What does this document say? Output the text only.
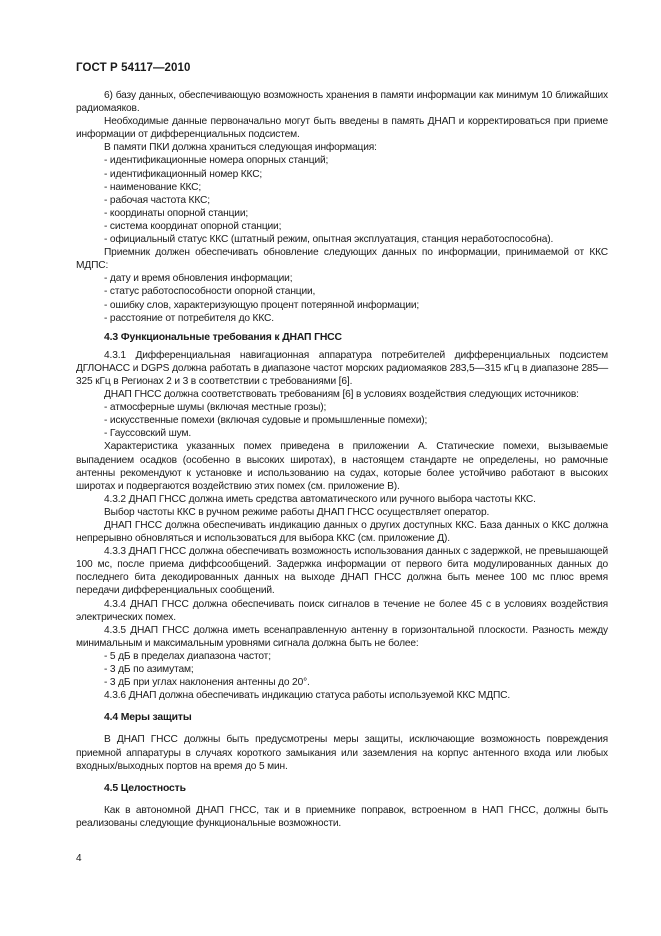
ГОСТ Р 54117—2010
6) базу данных, обеспечивающую возможность хранения в памяти информации как минимум 10 ближайших радиомаяков.
Необходимые данные первоначально могут быть введены в память ДНАП и корректироваться при приеме информации от дифференциальных подсистем.
В памяти ПКИ должна храниться следующая информация:
- идентификационные номера опорных станций;
- идентификационный номер ККС;
- наименование ККС;
- рабочая частота ККС;
- координаты опорной станции;
- система координат опорной станции;
- официальный статус ККС (штатный режим, опытная эксплуатация, станция неработоспособна).
Приемник должен обеспечивать обновление следующих данных по информации, принимаемой от ККС МДПС:
- дату и время обновления информации;
- статус работоспособности опорной станции,
- ошибку слов, характеризующую процент потерянной информации;
- расстояние от потребителя до ККС.
4.3 Функциональные требования к ДНАП ГНСС
4.3.1 Дифференциальная навигационная аппаратура потребителей дифференциальных подсистем ДГЛОНАСС и DGPS должна работать в диапазоне частот морских радиомаяков 283,5—315 кГц в диапазоне 285—325 кГц в Регионах 2 и 3 в соответствии с требованиями [6].
ДНАП ГНСС должна соответствовать требованиям [6] в условиях воздействия следующих источников:
- атмосферные шумы (включая местные грозы);
- искусственные помехи (включая судовые и промышленные помехи);
- Гауссовский шум.
Характеристика указанных помех приведена в приложении А. Статические помехи, вызываемые выпадением осадков (особенно в высоких широтах), в настоящем стандарте не определены, но рамочные антенны рекомендуют к установке и использованию на судах, которые более устойчиво работают в высоких широтах и подвергаются воздействию этих помех (см. приложение В).
4.3.2 ДНАП ГНСС должна иметь средства автоматического или ручного выбора частоты ККС.
Выбор частоты ККС в ручном режиме работы ДНАП ГНСС осуществляет оператор.
ДНАП ГНСС должна обеспечивать индикацию данных о других доступных ККС. База данных о ККС должна непрерывно обновляться и использоваться для выбора ККС (см. приложение Д).
4.3.3 ДНАП ГНСС должна обеспечивать возможность использования данных с задержкой, не превышающей 100 мс, после приема диффсообщений. Задержка информации от первого бита модулированных данных до последнего бита декодированных данных на выходе ДНАП ГНСС должна быть менее 100 мс плюс время передачи дифференциальных сообщений.
4.3.4 ДНАП ГНСС должна обеспечивать поиск сигналов в течение не более 45 с в условиях воздействия электрических помех.
4.3.5 ДНАП ГНСС должна иметь всенаправленную антенну в горизонтальной плоскости. Разность между минимальным и максимальным уровнями сигнала должна быть не более:
- 5 дБ в пределах диапазона частот;
- 3 дБ по азимутам;
- 3 дБ при углах наклонения антенны до 20°.
4.3.6 ДНАП должна обеспечивать индикацию статуса работы используемой ККС МДПС.
4.4 Меры защиты
В ДНАП ГНСС должны быть предусмотрены меры защиты, исключающие возможность повреждения приемной аппаратуры в случаях короткого замыкания или заземления на корпус антенного входа или любых входных/выходных портов на время до 5 мин.
4.5 Целостность
Как в автономной ДНАП ГНСС, так и в приемнике поправок, встроенном в НАП ГНСС, должны быть реализованы следующие функциональные возможности.
4
